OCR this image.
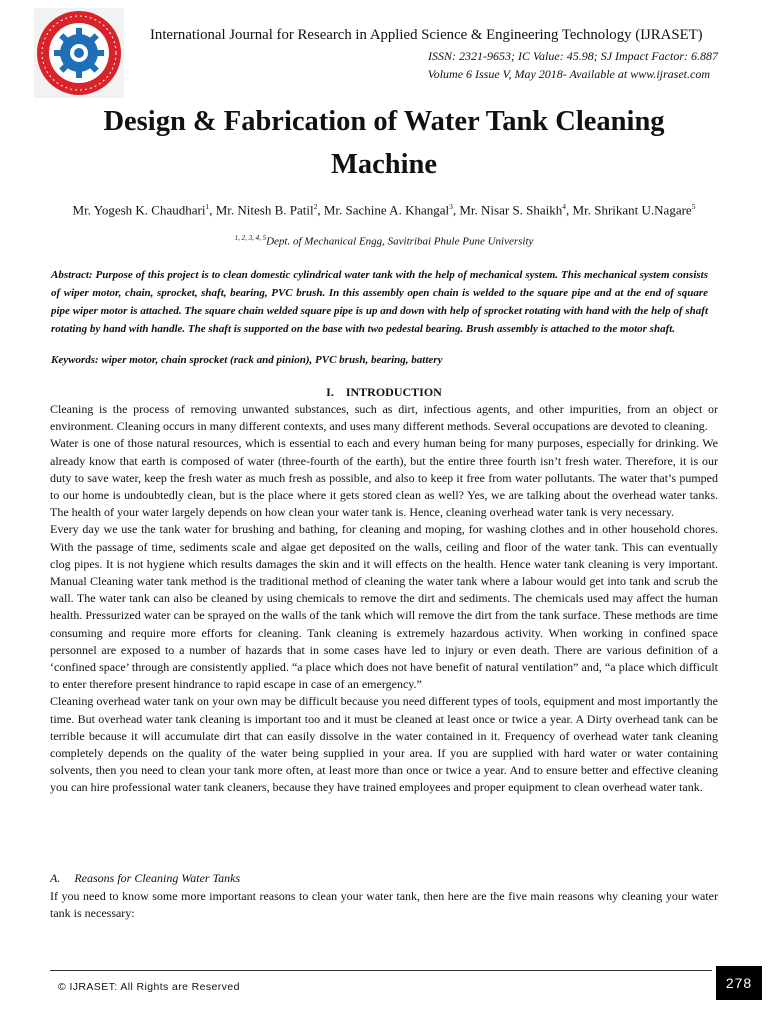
International Journal for Research in Applied Science & Engineering Technology (IJRASET)
ISSN: 2321-9653; IC Value: 45.98; SJ Impact Factor: 6.887
Volume 6 Issue V, May 2018- Available at www.ijraset.com
Design & Fabrication of Water Tank Cleaning Machine
Mr. Yogesh K. Chaudhari$^1$, Mr. Nitesh B. Patil$^2$, Mr. Sachine A. Khangal$^3$, Mr. Nisar S. Shaikh$^4$, Mr. Shrikant U.Nagare$^5$
$^{1, 2, 3, 4, 5}$Dept. of Mechanical Engg, Savitribai Phule Pune University
Abstract: Purpose of this project is to clean domestic cylindrical water tank with the help of mechanical system. This mechanical system consists of wiper motor, chain, sprocket, shaft, bearing, PVC brush. In this assembly open chain is welded to the square pipe and at the end of square pipe wiper motor is attached. The square chain welded square pipe is up and down with help of sprocket rotating with hand with the help of shaft rotating by hand with handle. The shaft is supported on the base with two pedestal bearing. Brush assembly is attached to the motor shaft.
Keywords: wiper motor, chain sprocket (rack and pinion), PVC brush, bearing, battery
I. INTRODUCTION

Cleaning is the process of removing unwanted substances, such as dirt, infectious agents, and other impurities, from an object or environment. Cleaning occurs in many different contexts, and uses many different methods. Several occupations are devoted to cleaning.

Water is one of those natural resources, which is essential to each and every human being for many purposes, especially for drinking. We already know that earth is composed of water (three-fourth of the earth), but the entire three fourth isn’t fresh water. Therefore, it is our duty to save water, keep the fresh water as much fresh as possible, and also to keep it free from water pollutants. The water that’s pumped to our home is undoubtedly clean, but is the place where it gets stored clean as well? Yes, we are talking about the overhead water tanks. The health of your water largely depends on how clean your water tank is. Hence, cleaning overhead water tank is very necessary.

Every day we use the tank water for brushing and bathing, for cleaning and moping, for washing clothes and in other household chores. With the passage of time, sediments scale and algae get deposited on the walls, ceiling and floor of the water tank. This can eventually clog pipes. It is not hygiene which results damages the skin and it will effects on the health. Hence water tank cleaning is very important. Manual Cleaning water tank method is the traditional method of cleaning the water tank where a labour would get into tank and scrub the wall. The water tank can also be cleaned by using chemicals to remove the dirt and sediments. The chemicals used may affect the human health. Pressurized water can be sprayed on the walls of the tank which will remove the dirt from the tank surface. These methods are time consuming and require more efforts for cleaning. Tank cleaning is extremely hazardous activity. When working in confined space personnel are exposed to a number of hazards that in some cases have led to injury or even death. There are various definition of a ‘confined space’ through are consistently applied. “a place which does not have benefit of natural ventilation” and, “a place which difficult to enter therefore present hindrance to rapid escape in case of an emergency.”

Cleaning overhead water tank on your own may be difficult because you need different types of tools, equipment and most importantly the time. But overhead water tank cleaning is important too and it must be cleaned at least once or twice a year. A Dirty overhead tank can be terrible because it will accumulate dirt that can easily dissolve in the water contained in it. Frequency of overhead water tank cleaning completely depends on the quality of the water being supplied in your area. If you are supplied with hard water or water containing solvents, then you need to clean your tank more often, at least more than once or twice a year. And to ensure better and effective cleaning you can hire professional water tank cleaners, because they have trained employees and proper equipment to clean overhead water tank.

A. Reasons for Cleaning Water Tanks

If you need to know some more important reasons to clean your water tank, then here are the five main reasons why cleaning your water tank is necessary:

© IJRASET: All Rights are Reserved	278
